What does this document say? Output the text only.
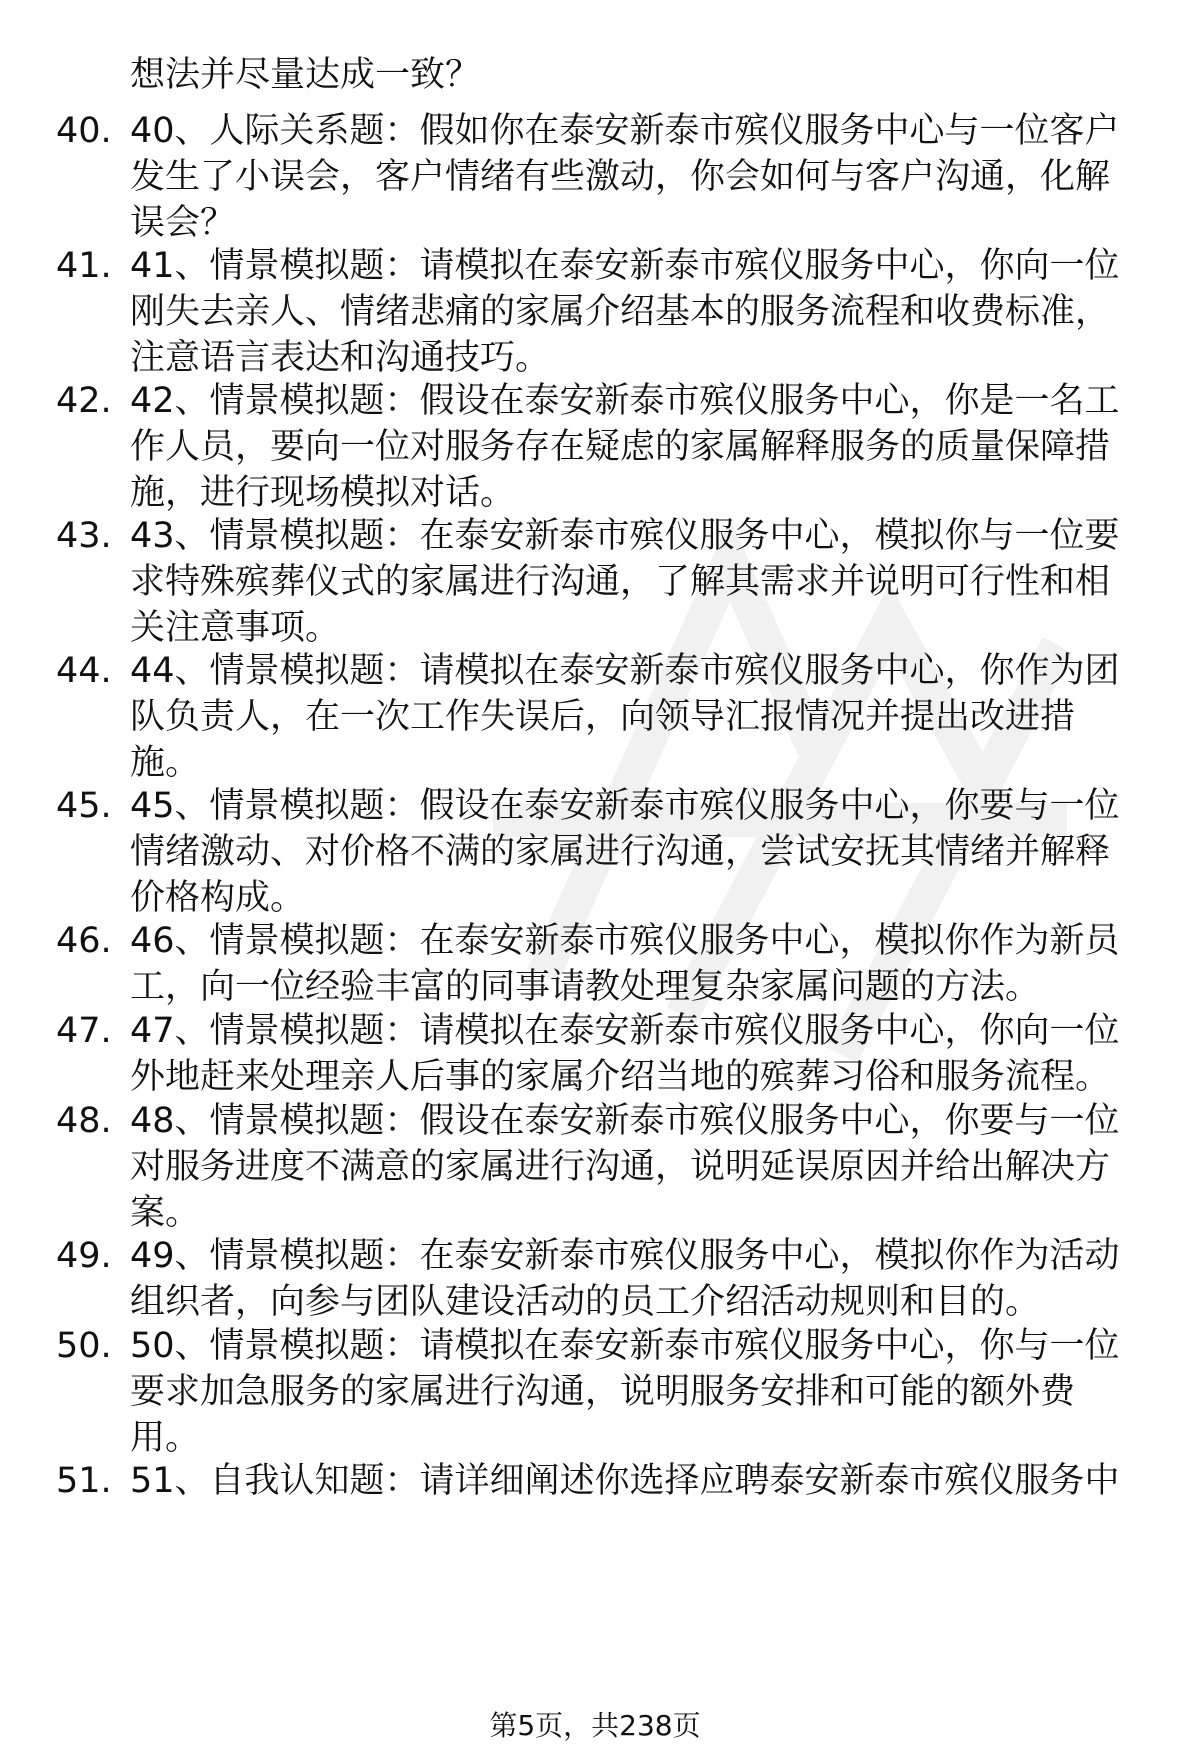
想法并尽量达成一致？

40. 40、人际关系题：假如你在泰安新泰市殡仪服务中心与一位客户
发生了小误会，客户情绪有些激动，你会如何与客户沟通，化解
误会？
41. 41、情景模拟题：请模拟在泰安新泰市殡仪服务中心，你向一位
刚失去亲人、情绪悲痛的家属介绍基本的服务流程和收费标准，
注意语言表达和沟通技巧。
42. 42、情景模拟题：假设在泰安新泰市殡仪服务中心，你是一名工
作人员，要向一位对服务存在疑虑的家属解释服务的质量保障措
施，进行现场模拟对话。
43. 43、情景模拟题：在泰安新泰市殡仪服务中心，模拟你与一位要
求特殊殡葬仪式的家属进行沟通，了解其需求并说明可行性和相
关注意事项。
44. 44、情景模拟题：请模拟在泰安新泰市殡仪服务中心，你作为团
队负责人，在一次工作失误后，向领导汇报情况并提出改进措
施。
45. 45、情景模拟题：假设在泰安新泰市殡仪服务中心，你要与一位
情绪激动、对价格不满的家属进行沟通，尝试安抚其情绪并解释
价格构成。
46. 46、情景模拟题：在泰安新泰市殡仪服务中心，模拟你作为新员
工，向一位经验丰富的同事请教处理复杂家属问题的方法。
47. 47、情景模拟题：请模拟在泰安新泰市殡仪服务中心，你向一位
外地赶来处理亲人后事的家属介绍当地的殡葬习俗和服务流程。
48. 48、情景模拟题：假设在泰安新泰市殡仪服务中心，你要与一位
对服务进度不满意的家属进行沟通，说明延误原因并给出解决方
案。
49. 49、情景模拟题：在泰安新泰市殡仪服务中心，模拟你作为活动
组织者，向参与团队建设活动的员工介绍活动规则和目的。
50. 50、情景模拟题：请模拟在泰安新泰市殡仪服务中心，你与一位
要求加急服务的家属进行沟通，说明服务安排和可能的额外费
用。
51. 51、自我认知题：请详细阐述你选择应聘泰安新泰市殡仪服务中
第5页，共238页
